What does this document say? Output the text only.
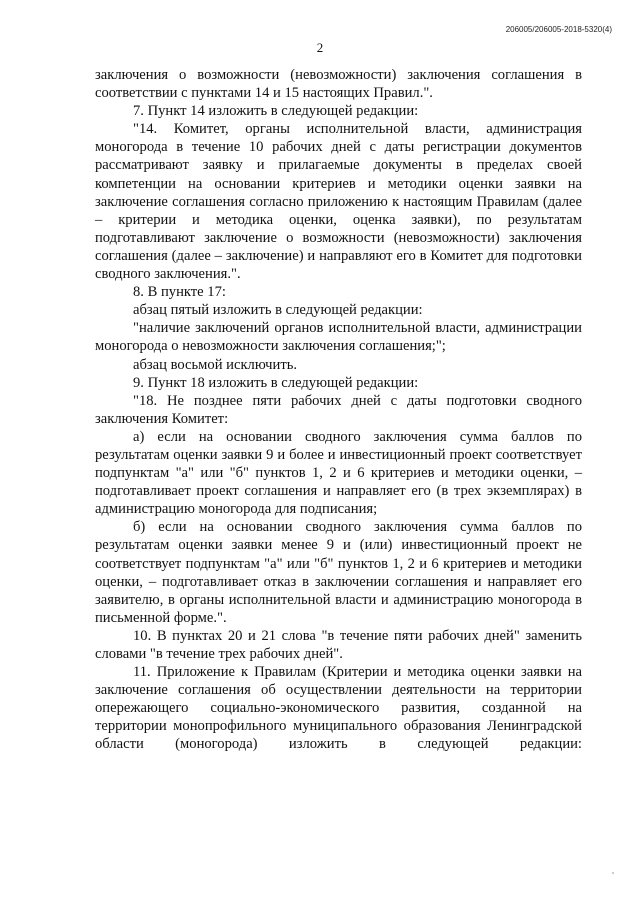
206005/206005-2018-5320(4)
2

заключения о возможности (невозможности) заключения соглашения в соответствии с пунктами 14 и 15 настоящих Правил.".

7. Пункт 14 изложить в следующей редакции:

"14. Комитет, органы исполнительной власти, администрация моногорода в течение 10 рабочих дней с даты регистрации документов рассматривают заявку и прилагаемые документы в пределах своей компетенции на основании критериев и методики оценки заявки на заключение соглашения согласно приложению к настоящим Правилам (далее – критерии и методика оценки, оценка заявки), по результатам подготавливают заключение о возможности (невозможности) заключения соглашения (далее – заключение) и направляют его в Комитет для подготовки сводного заключения.".

8. В пункте 17:

абзац пятый изложить в следующей редакции:

"наличие заключений органов исполнительной власти, администрации моногорода о невозможности заключения соглашения;";

абзац восьмой исключить.

9. Пункт 18 изложить в следующей редакции:

"18. Не позднее пяти рабочих дней с даты подготовки сводного заключения Комитет:

а) если на основании сводного заключения сумма баллов по результатам оценки заявки 9 и более и инвестиционный проект соответствует подпунктам "а" или "б" пунктов 1, 2 и 6 критериев и методики оценки, – подготавливает проект соглашения и направляет его (в трех экземплярах) в администрацию моногорода для подписания;

б) если на основании сводного заключения сумма баллов по результатам оценки заявки менее 9 и (или) инвестиционный проект не соответствует подпунктам "а" или "б" пунктов 1, 2 и 6 критериев и методики оценки, – подготавливает отказ в заключении соглашения и направляет его заявителю, в органы исполнительной власти и администрацию моногорода в письменной форме.".

10. В пунктах 20 и 21 слова "в течение пяти рабочих дней" заменить словами "в течение трех рабочих дней".

11. Приложение к Правилам (Критерии и методика оценки заявки на заключение соглашения об осуществлении деятельности на территории опережающего социально-экономического развития, созданной на территории монопрофильного муниципального образования Ленинградской области (моногорода) изложить в следующей редакции:
